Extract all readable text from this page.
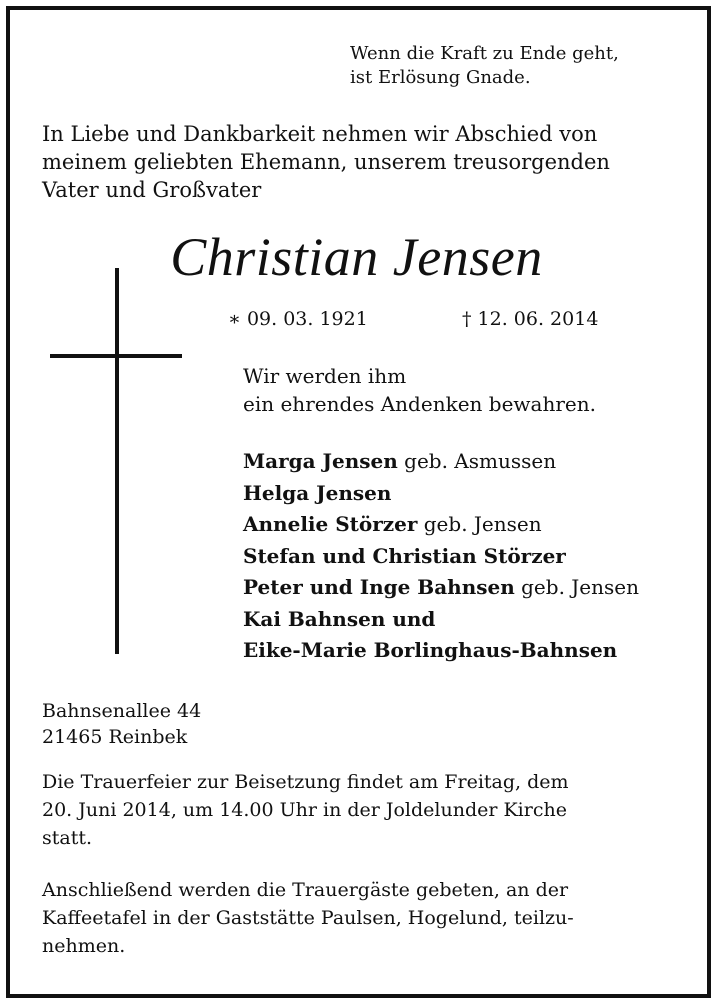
Wenn die Kraft zu Ende geht,
ist Erlösung Gnade.
In Liebe und Dankbarkeit nehmen wir Abschied von
meinem geliebten Ehemann, unserem treusorgenden
Vater und Großvater
Christian Jensen
∗ 09. 03. 1921	† 12. 06. 2014
Wir werden ihm
ein ehrendes Andenken bewahren.
Marga Jensen geb. Asmussen
Helga Jensen
Annelie Störzer geb. Jensen
Stefan und Christian Störzer
Peter und Inge Bahnsen geb. Jensen
Kai Bahnsen und
Eike-Marie Borlinghaus-Bahnsen
Bahnsenallee 44
21465 Reinbek
Die Trauerfeier zur Beisetzung findet am Freitag, dem
20. Juni 2014, um 14.00 Uhr in der Joldelunder Kirche
statt.
Anschließend werden die Trauergäste gebeten, an der
Kaffeetafel in der Gaststätte Paulsen, Hogelund, teilzu-
nehmen.
